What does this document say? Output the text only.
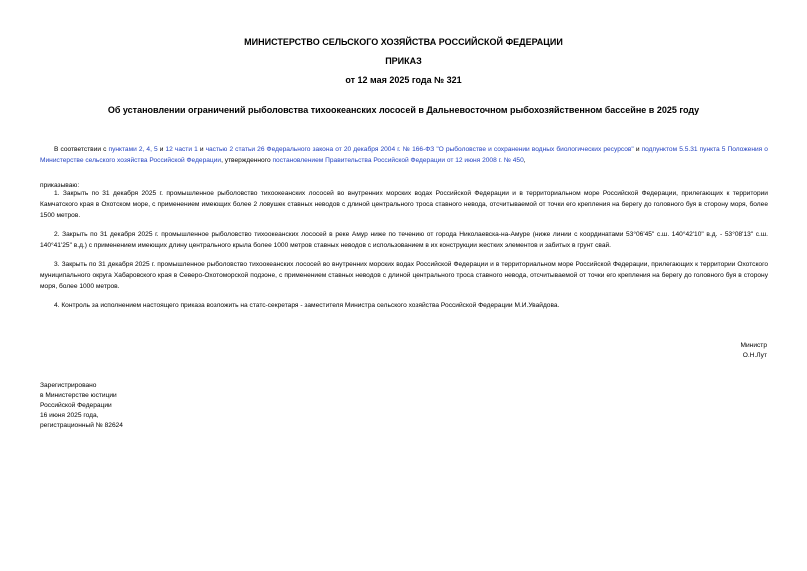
МИНИСТЕРСТВО СЕЛЬСКОГО ХОЗЯЙСТВА РОССИЙСКОЙ ФЕДЕРАЦИИ
ПРИКАЗ
от 12 мая 2025 года № 321
Об установлении ограничений рыболовства тихоокеанских лососей в Дальневосточном рыбохозяйственном бассейне в 2025 году
В соответствии с пунктами 2, 4, 5 и 12 части 1 и частью 2 статьи 26 Федерального закона от 20 декабря 2004 г. № 166-ФЗ "О рыболовстве и сохранении водных биологических ресурсов" и подпунктом 5.5.31 пункта 5 Положения о Министерстве сельского хозяйства Российской Федерации, утвержденного постановлением Правительства Российской Федерации от 12 июня 2008 г. № 450,
приказываю:
1. Закрыть по 31 декабря 2025 г. промышленное рыболовство тихоокеанских лососей во внутренних морских водах Российской Федерации и в территориальном море Российской Федерации, прилегающих к территории Камчатского края в Охотском море, с применением имеющих более 2 ловушек ставных неводов с длиной центрального троса ставного невода, отсчитываемой от точки его крепления на берегу до головного буя в сторону моря, более 1500 метров.
2. Закрыть по 31 декабря 2025 г. промышленное рыболовство тихоокеанских лососей в реке Амур ниже по течению от города Николаевска-на-Амуре (ниже линии с координатами 53°06'45" с.ш. 140°42'10" в.д. - 53°08'13" с.ш. 140°41'25" в.д.) с применением имеющих длину центрального крыла более 1000 метров ставных неводов с использованием в их конструкции жестких элементов и забитых в грунт свай.
3. Закрыть по 31 декабря 2025 г. промышленное рыболовство тихоокеанских лососей во внутренних морских водах Российской Федерации и в территориальном море Российской Федерации, прилегающих к территории Охотского муниципального округа Хабаровского края в Северо-Охотоморской подзоне, с применением ставных неводов с длиной центрального троса ставного невода, отсчитываемой от точки его крепления на берегу до головного буя в сторону моря, более 1000 метров.
4. Контроль за исполнением настоящего приказа возложить на статс-секретаря - заместителя Министра сельского хозяйства Российской Федерации М.И.Увайдова.
Министр
О.Н.Лут
Зарегистрировано
в Министерстве юстиции
Российской Федерации
16 июня 2025 года,
регистрационный № 82624
